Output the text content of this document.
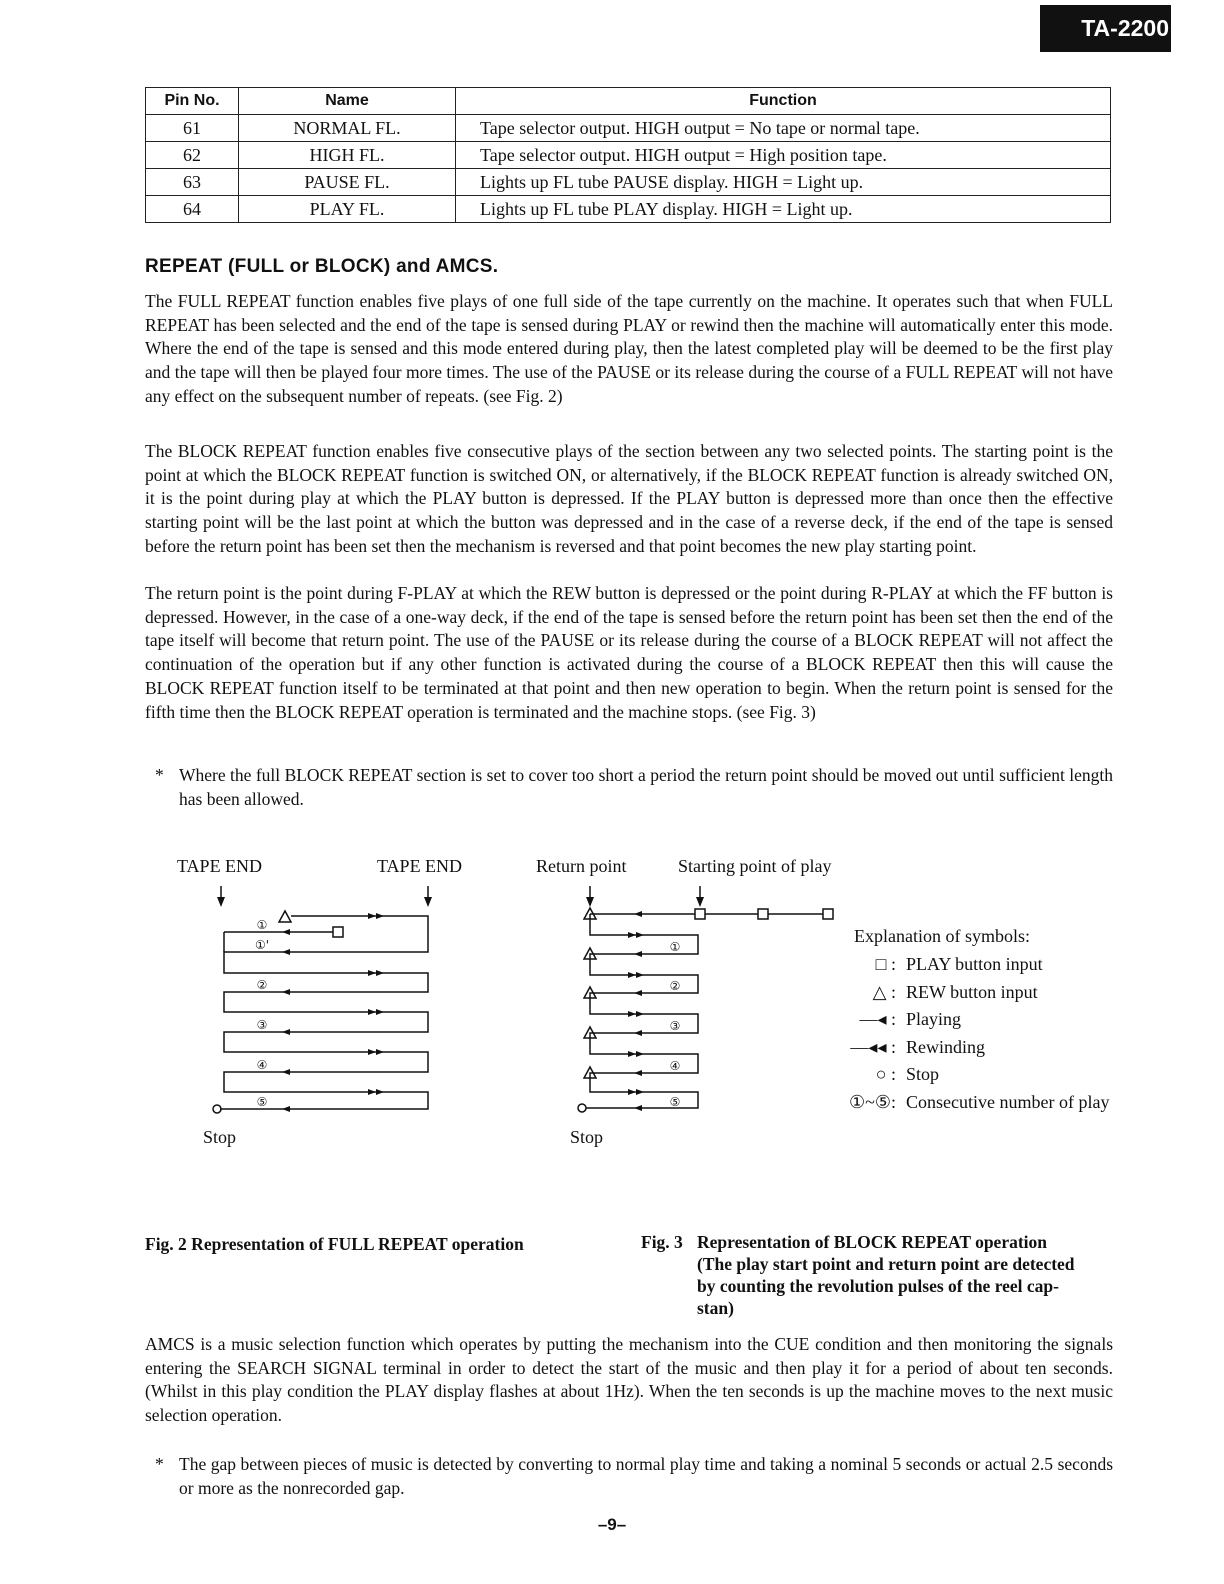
TA-2200
Pin No.	Name	Function
61	NORMAL FL.	Tape selector output. HIGH output = No tape or normal tape.
62	HIGH FL.	Tape selector output. HIGH output = High position tape.
63	PAUSE FL.	Lights up FL tube PAUSE display. HIGH = Light up.
64	PLAY FL.	Lights up FL tube PLAY display. HIGH = Light up.
REPEAT (FULL or BLOCK) and AMCS.

The FULL REPEAT function enables five plays of one full side of the tape currently on the machine. It operates such that when FULL REPEAT has been selected and the end of the tape is sensed during PLAY or rewind then the machine will automatically enter this mode. Where the end of the tape is sensed and this mode entered during play, then the latest completed play will be deemed to be the first play and the tape will then be played four more times. The use of the PAUSE or its release during the course of a FULL REPEAT will not have any effect on the subsequent number of repeats. (see Fig. 2)

The BLOCK REPEAT function enables five consecutive plays of the section between any two selected points. The starting point is the point at which the BLOCK REPEAT function is switched ON, or alternatively, if the BLOCK REPEAT function is already switched ON, it is the point during play at which the PLAY button is depressed. If the PLAY button is depressed more than once then the effective starting point will be the last point at which the button was depressed and in the case of a reverse deck, if the end of the tape is sensed before the return point has been set then the mechanism is reversed and that point becomes the new play starting point.

The return point is the point during F-PLAY at which the REW button is depressed or the point during R-PLAY at which the FF button is depressed. However, in the case of a one-way deck, if the end of the tape is sensed before the return point has been set then the end of the tape itself will become that return point. The use of the PAUSE or its release during the course of a BLOCK REPEAT will not affect the continuation of the operation but if any other function is activated during the course of a BLOCK REPEAT then this will cause the BLOCK REPEAT function itself to be terminated at that point and then new operation to begin. When the return point is sensed for the fifth time then the BLOCK REPEAT operation is terminated and the machine stops. (see Fig. 3)

* Where the full BLOCK REPEAT section is set to cover too short a period the return point should be moved out until sufficient length has been allowed.
TAPE END	TAPE END
Stop
①
①'
②
③
④
⑤
Return point	Starting point of play
Stop
①
②
③
④
⑤
Explanation of symbols:
□ : PLAY button input
△ : REW button input
—◂ : Playing
—◂◂ : Rewinding
○ : Stop
①~⑤: Consecutive number of play
Fig. 2 Representation of FULL REPEAT operation	Fig. 3 Representation of BLOCK REPEAT operation
(The play start point and return point are detected
by counting the revolution pulses of the reel cap-
stan)

AMCS is a music selection function which operates by putting the mechanism into the CUE condition and then monitoring the signals entering the SEARCH SIGNAL terminal in order to detect the start of the music and then play it for a period of about ten seconds. (Whilst in this play condition the PLAY display flashes at about 1Hz). When the ten seconds is up the machine moves to the next music selection operation.

* The gap between pieces of music is detected by converting to normal play time and taking a nominal 5 seconds or actual 2.5 seconds or more as the nonrecorded gap.
–9–
